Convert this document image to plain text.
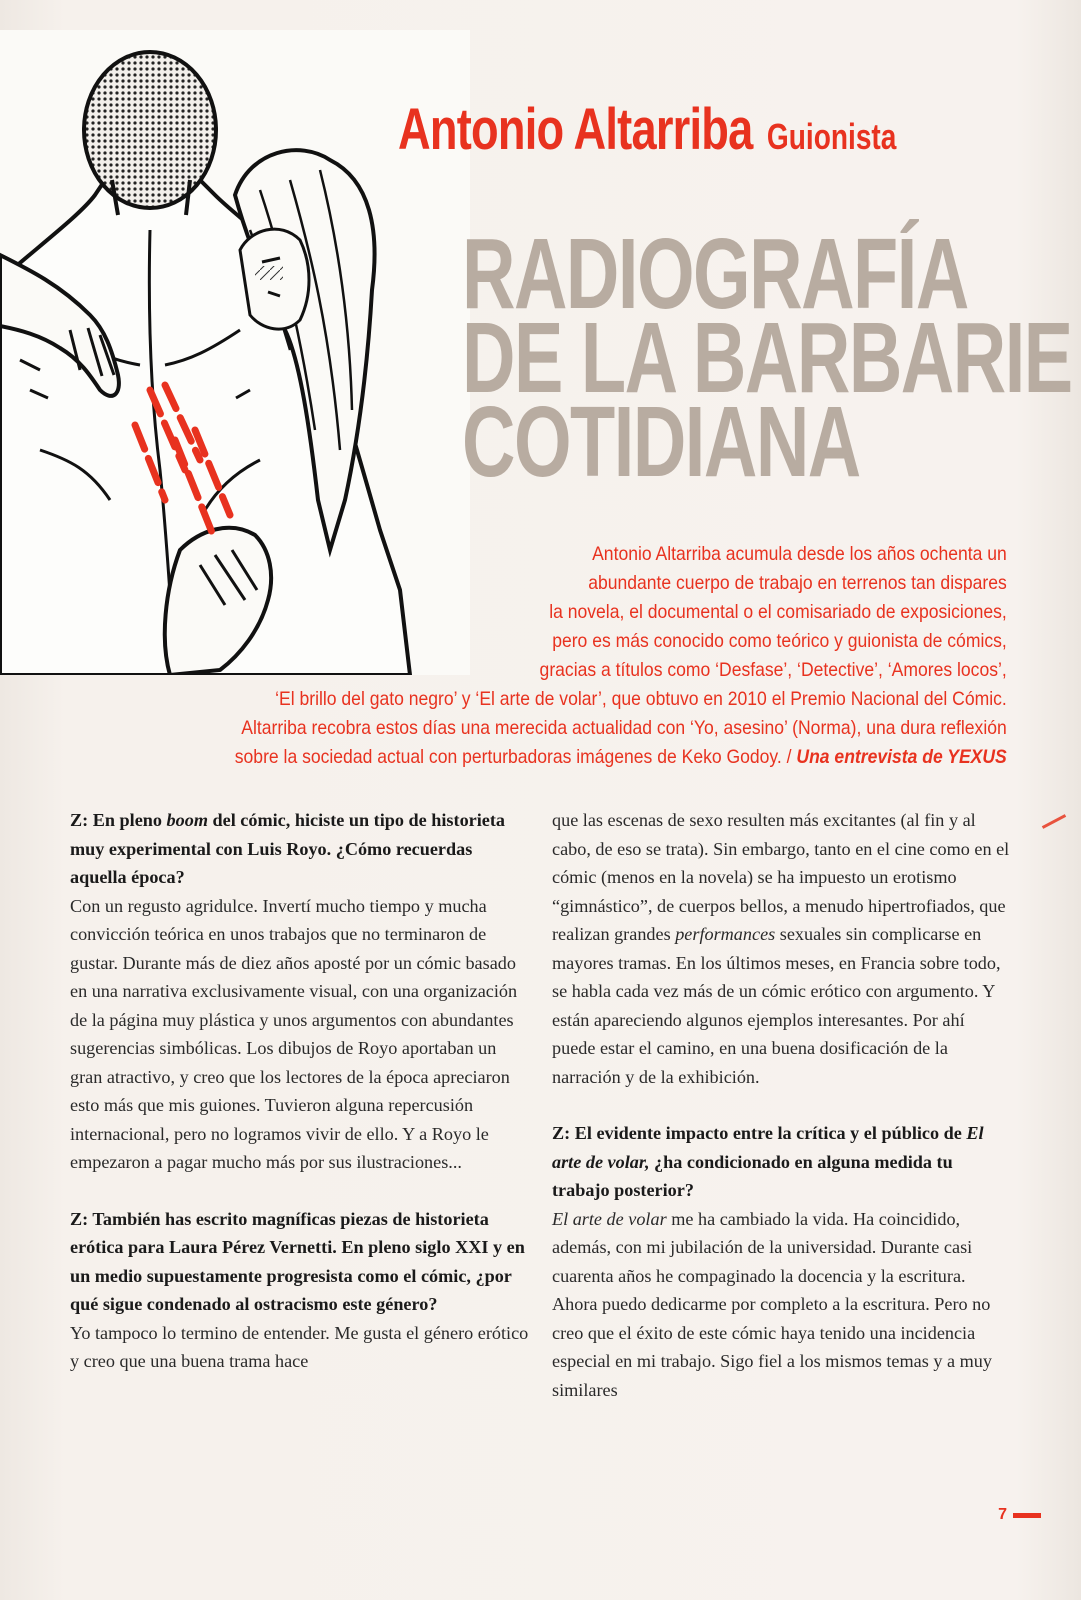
Antonio Altarriba Guionista
RADIOGRAFÍA
DE LA BARBARIE
COTIDIANA
Antonio Altarriba acumula desde los años ochenta un
abundante cuerpo de trabajo en terrenos tan dispares
la novela, el documental o el comisariado de exposiciones,
pero es más conocido como teórico y guionista de cómics,
gracias a títulos como ‘Desfase’, ‘Detective’, ‘Amores locos’,
‘El brillo del gato negro’ y ‘El arte de volar’, que obtuvo en 2010 el Premio Nacional del Cómic.
Altarriba recobra estos días una merecida actualidad con ‘Yo, asesino’ (Norma), una dura reflexión
sobre la sociedad actual con perturbadoras imágenes de Keko Godoy. / Una entrevista de YEXUS

Z: En pleno boom del cómic, hiciste un tipo de historieta muy experimental con Luis Royo. ¿Cómo recuerdas aquella época?

Con un regusto agridulce. Invertí mucho tiempo y mucha convicción teórica en unos trabajos que no terminaron de gustar. Durante más de diez años aposté por un cómic basado en una narrativa exclusivamente visual, con una organización de la página muy plástica y unos argumentos con abundantes sugerencias simbólicas. Los dibujos de Royo aportaban un gran atractivo, y creo que los lectores de la época apreciaron esto más que mis guiones. Tuvieron alguna repercusión internacional, pero no logramos vivir de ello. Y a Royo le empezaron a pagar mucho más por sus ilustraciones...

Z: También has escrito magníficas piezas de historieta erótica para Laura Pérez Vernetti. En pleno siglo XXI y en un medio supuestamente progresista como el cómic, ¿por qué sigue condenado al ostracismo este género?

Yo tampoco lo termino de entender. Me gusta el género erótico y creo que una buena trama hace

que las escenas de sexo resulten más excitantes (al fin y al cabo, de eso se trata). Sin embargo, tanto en el cine como en el cómic (menos en la novela) se ha impuesto un erotismo “gimnástico”, de cuerpos bellos, a menudo hipertrofiados, que realizan grandes performances sexuales sin complicarse en mayores tramas. En los últimos meses, en Francia sobre todo, se habla cada vez más de un cómic erótico con argumento. Y están apareciendo algunos ejemplos interesantes. Por ahí puede estar el camino, en una buena dosificación de la narración y de la exhibición.

Z: El evidente impacto entre la crítica y el público de El arte de volar, ¿ha condicionado en alguna medida tu trabajo posterior?

El arte de volar me ha cambiado la vida. Ha coincidido, además, con mi jubilación de la universidad. Durante casi cuarenta años he compaginado la docencia y la escritura. Ahora puedo dedicarme por completo a la escritura. Pero no creo que el éxito de este cómic haya tenido una incidencia especial en mi trabajo. Sigo fiel a los mismos temas y a muy similares

7
